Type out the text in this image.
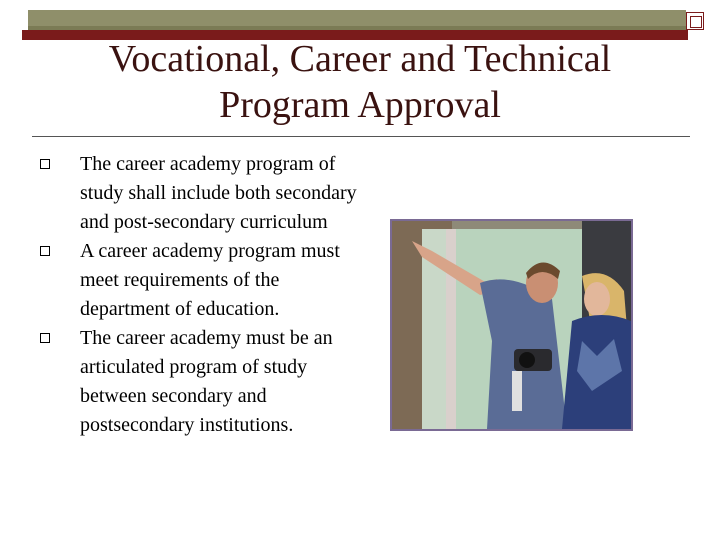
Vocational, Career and Technical
Program Approval
The career academy program of study shall include both secondary and post-secondary curriculum
A career academy program must meet requirements of the department of education.
The career academy must be an articulated program of study between secondary and postsecondary institutions.
